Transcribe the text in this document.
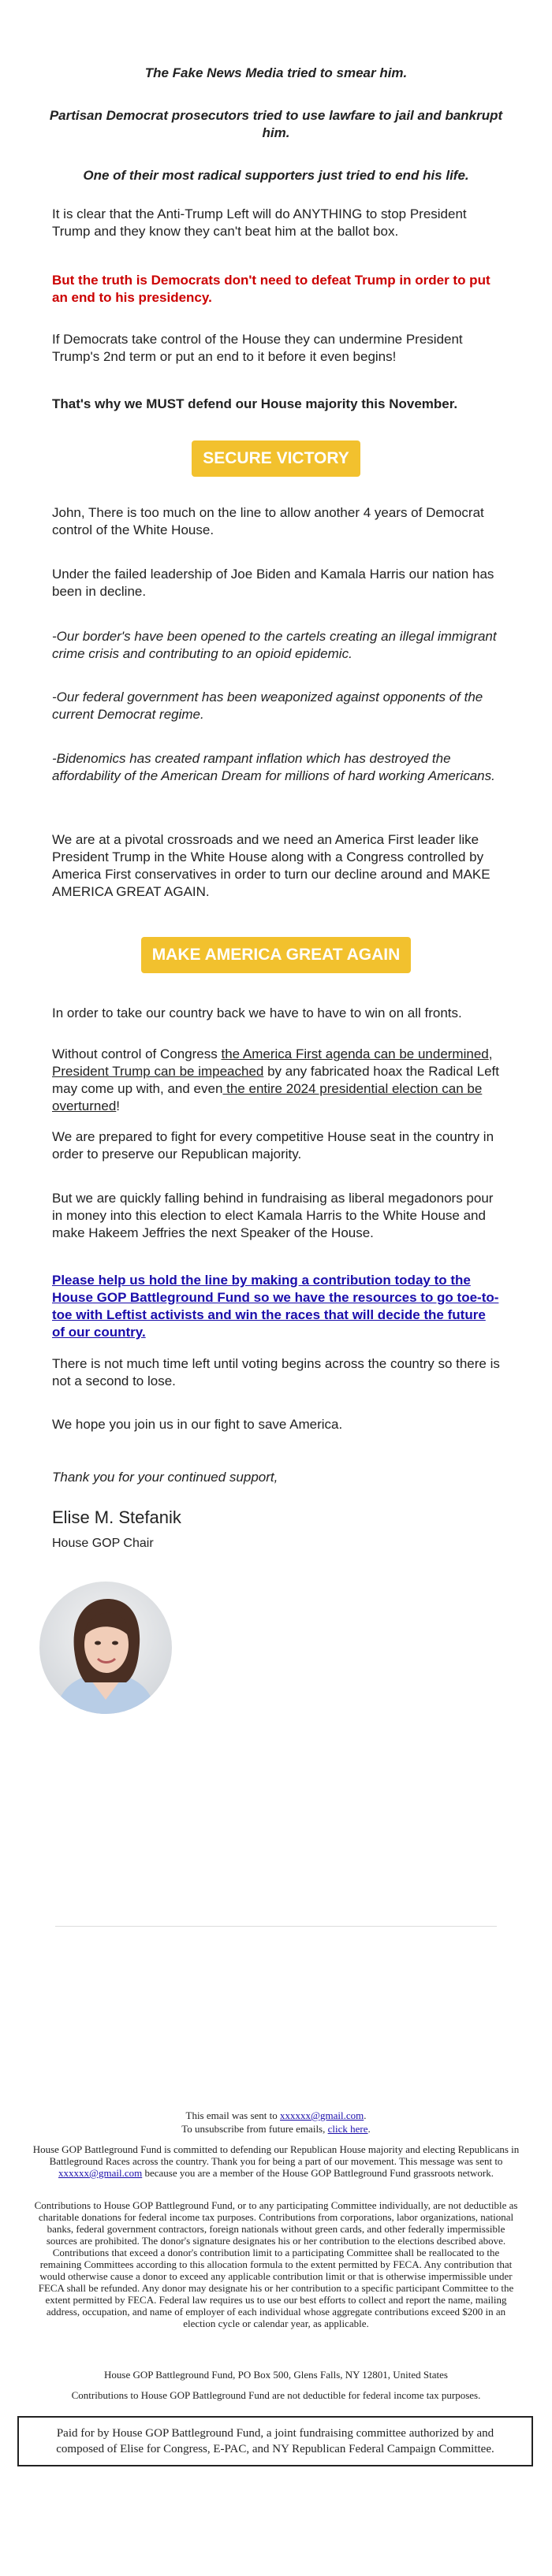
The Fake News Media tried to smear him.

Partisan Democrat prosecutors tried to use lawfare to jail and bankrupt him.

One of their most radical supporters just tried to end his life.

It is clear that the Anti-Trump Left will do ANYTHING to stop President Trump and they know they can't beat him at the ballot box.

But the truth is Democrats don't need to defeat Trump in order to put an end to his presidency.

If Democrats take control of the House they can undermine President Trump's 2nd term or put an end to it before it even begins!

That's why we MUST defend our House majority this November.

SECURE VICTORY

John, There is too much on the line to allow another 4 years of Democrat control of the White House.

Under the failed leadership of Joe Biden and Kamala Harris our nation has been in decline.

-Our border's have been opened to the cartels creating an illegal immigrant crime crisis and contributing to an opioid epidemic.

-Our federal government has been weaponized against opponents of the current Democrat regime.

-Bidenomics has created rampant inflation which has destroyed the affordability of the American Dream for millions of hard working Americans.

We are at a pivotal crossroads and we need an America First leader like President Trump in the White House along with a Congress controlled by America First conservatives in order to turn our decline around and MAKE AMERICA GREAT AGAIN.

MAKE AMERICA GREAT AGAIN

In order to take our country back we have to have to win on all fronts.

Without control of Congress the America First agenda can be undermined, President Trump can be impeached by any fabricated hoax the Radical Left may come up with, and even the entire 2024 presidential election can be overturned!

We are prepared to fight for every competitive House seat in the country in order to preserve our Republican majority.

But we are quickly falling behind in fundraising as liberal megadonors pour in money into this election to elect Kamala Harris to the White House and make Hakeem Jeffries the next Speaker of the House.

Please help us hold the line by making a contribution today to the House GOP Battleground Fund so we have the resources to go toe-to-toe with Leftist activists and win the races that will decide the future of our country.

There is not much time left until voting begins across the country so there is not a second to lose.

We hope you join us in our fight to save America.

Thank you for your continued support,

Elise M. Stefanik

House GOP Chair

This email was sent to xxxxxx@gmail.com.
To unsubscribe from future emails, click here.
House GOP Battleground Fund is committed to defending our Republican House majority and electing Republicans in Battleground Races across the country. Thank you for being a part of our movement. This message was sent to xxxxxx@gmail.com because you are a member of the House GOP Battleground Fund grassroots network.
Contributions to House GOP Battleground Fund, or to any participating Committee individually, are not deductible as charitable donations for federal income tax purposes. Contributions from corporations, labor organizations, national banks, federal government contractors, foreign nationals without green cards, and other federally impermissible sources are prohibited. The donor's signature designates his or her contribution to the elections described above. Contributions that exceed a donor's contribution limit to a participating Committee shall be reallocated to the remaining Committees according to this allocation formula to the extent permitted by FECA. Any contribution that would otherwise cause a donor to exceed any applicable contribution limit or that is otherwise impermissible under FECA shall be refunded. Any donor may designate his or her contribution to a specific participant Committee to the extent permitted by FECA. Federal law requires us to use our best efforts to collect and report the name, mailing address, occupation, and name of employer of each individual whose aggregate contributions exceed $200 in an election cycle or calendar year, as applicable.
House GOP Battleground Fund, PO Box 500, Glens Falls, NY 12801, United States
Contributions to House GOP Battleground Fund are not deductible for federal income tax purposes.
Paid for by House GOP Battleground Fund, a joint fundraising committee authorized by and composed of Elise for Congress, E-PAC, and NY Republican Federal Campaign Committee.
